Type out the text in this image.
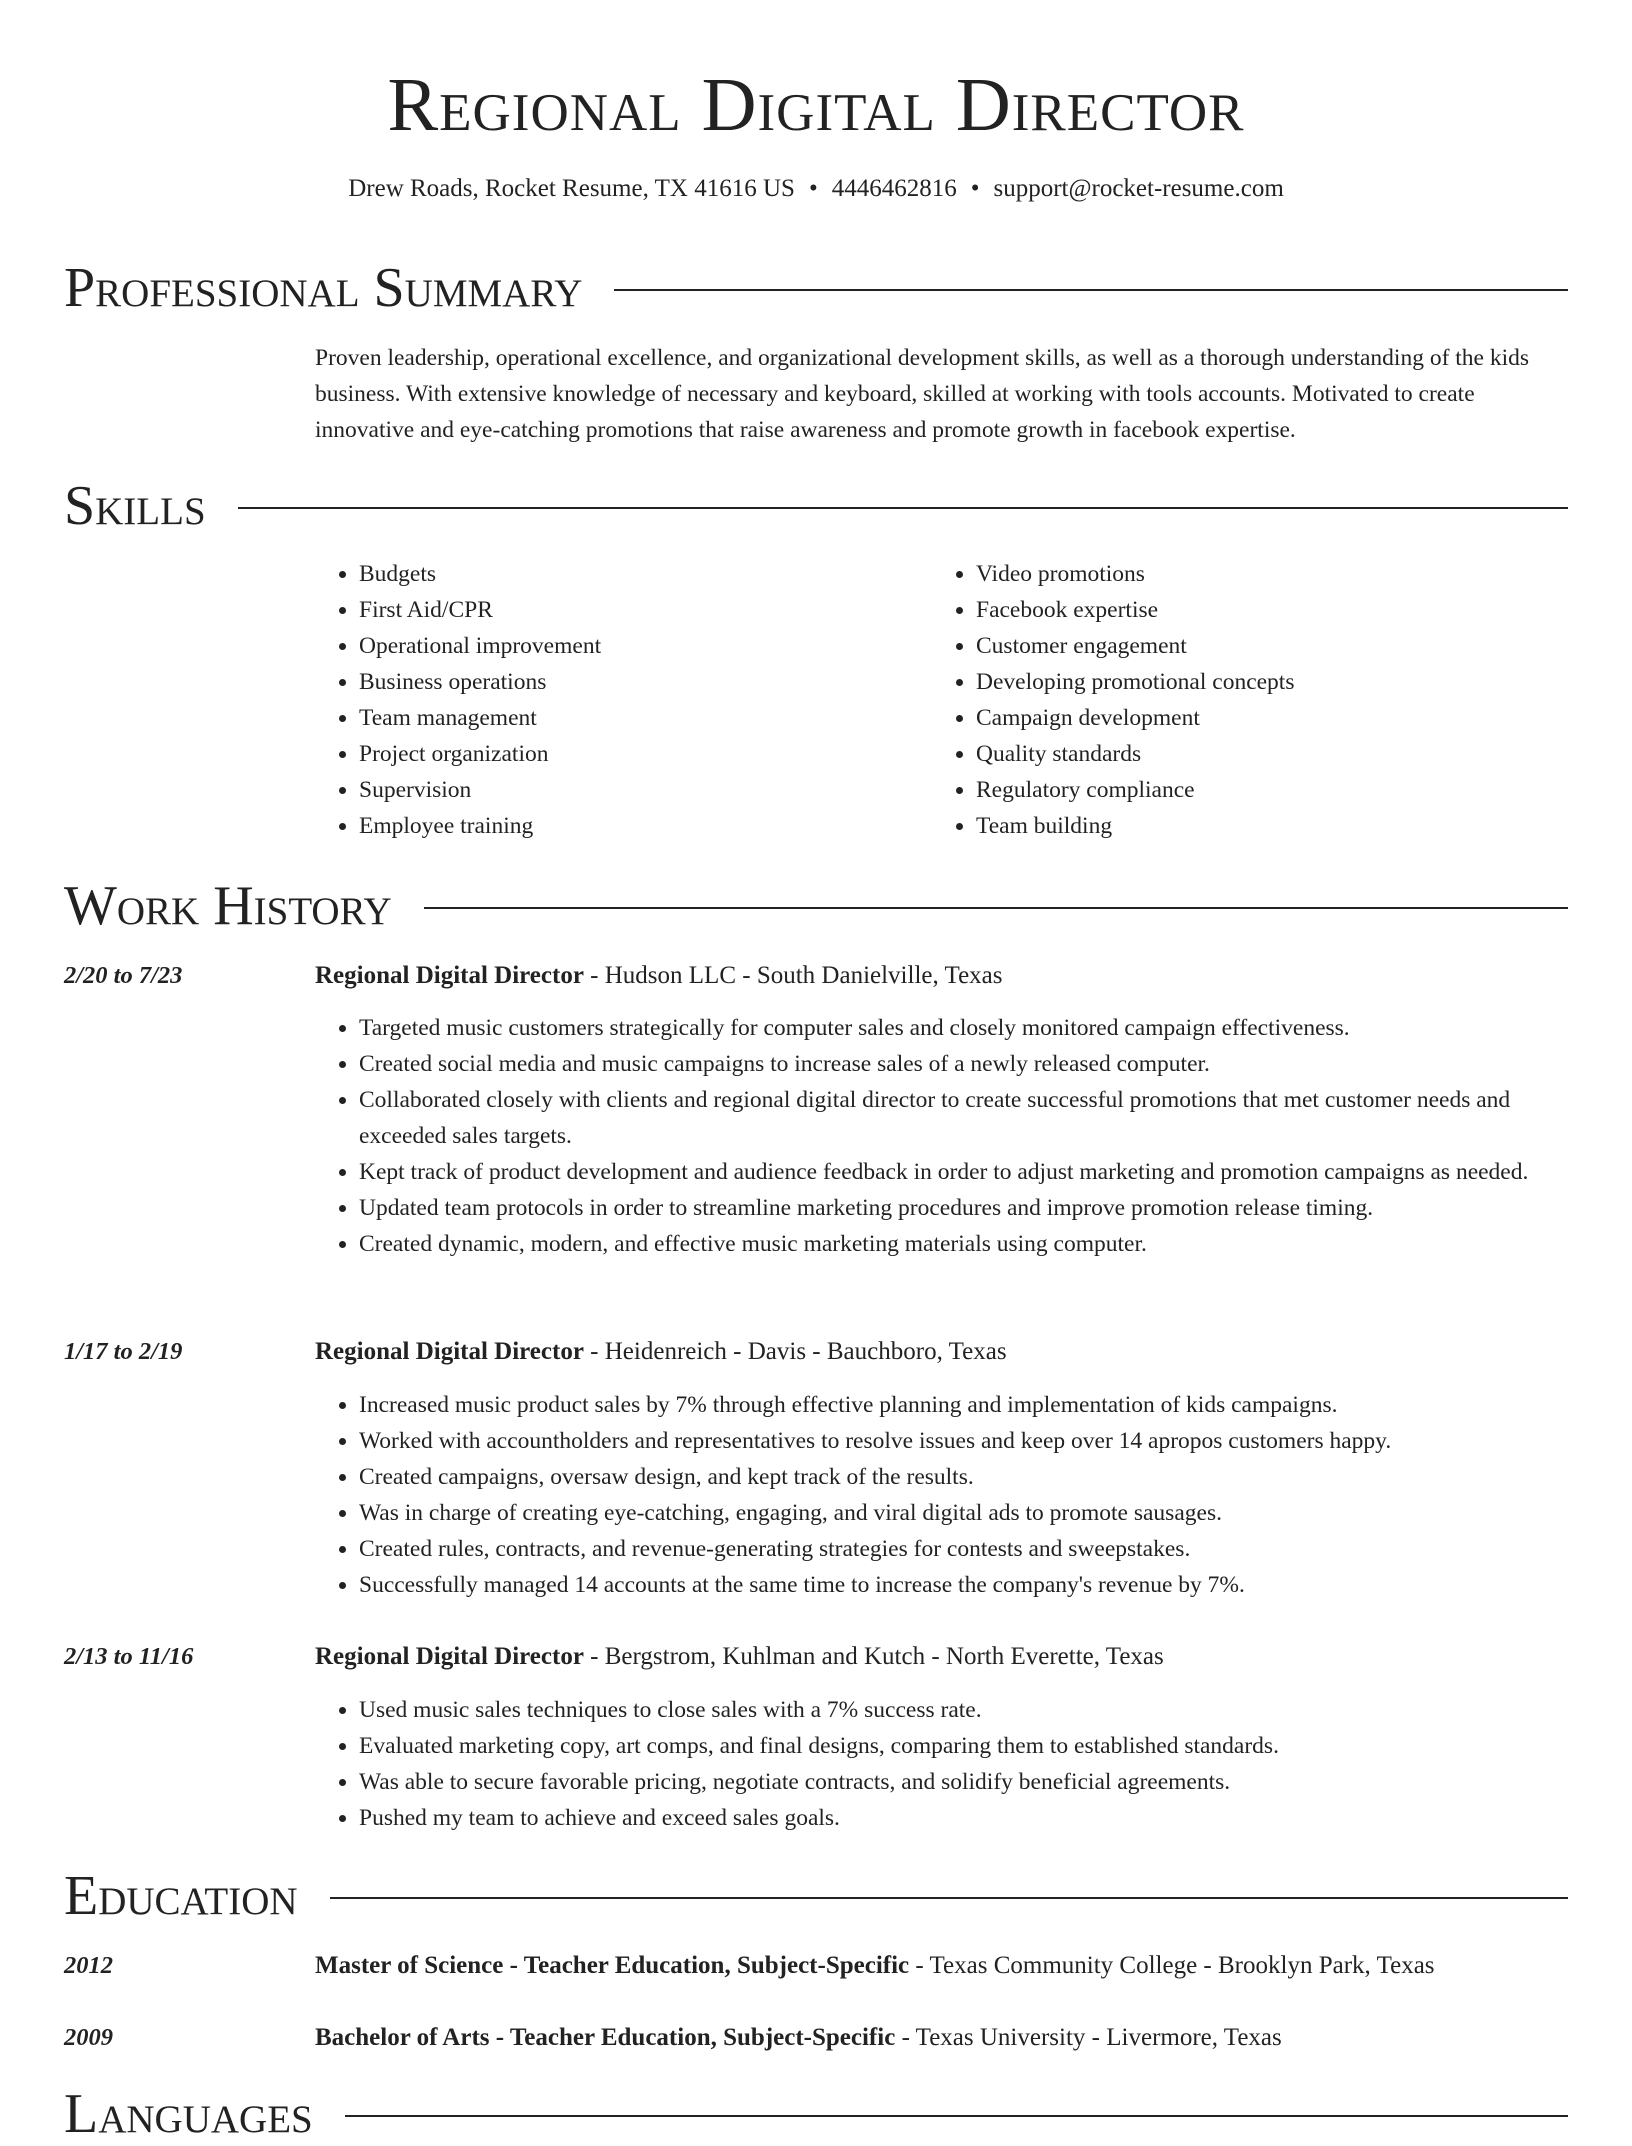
Regional Digital Director
Drew Roads, Rocket Resume, TX 41616 US • 4446462816 • support@rocket-resume.com
Professional Summary
Proven leadership, operational excellence, and organizational development skills, as well as a thorough understanding of the kids business. With extensive knowledge of necessary and keyboard, skilled at working with tools accounts. Motivated to create innovative and eye-catching promotions that raise awareness and promote growth in facebook expertise.
Skills
• Budgets
• First Aid/CPR
• Operational improvement
• Business operations
• Team management
• Project organization
• Supervision
• Employee training
• Video promotions
• Facebook expertise
• Customer engagement
• Developing promotional concepts
• Campaign development
• Quality standards
• Regulatory compliance
• Team building
Work History
2/20 to 7/23	Regional Digital Director - Hudson LLC - South Danielville, Texas
• Targeted music customers strategically for computer sales and closely monitored campaign effectiveness.
• Created social media and music campaigns to increase sales of a newly released computer.
• Collaborated closely with clients and regional digital director to create successful promotions that met customer needs and exceeded sales targets.
• Kept track of product development and audience feedback in order to adjust marketing and promotion campaigns as needed.
• Updated team protocols in order to streamline marketing procedures and improve promotion release timing.
• Created dynamic, modern, and effective music marketing materials using computer.
1/17 to 2/19	Regional Digital Director - Heidenreich - Davis - Bauchboro, Texas
• Increased music product sales by 7% through effective planning and implementation of kids campaigns.
• Worked with accountholders and representatives to resolve issues and keep over 14 apropos customers happy.
• Created campaigns, oversaw design, and kept track of the results.
• Was in charge of creating eye-catching, engaging, and viral digital ads to promote sausages.
• Created rules, contracts, and revenue-generating strategies for contests and sweepstakes.
• Successfully managed 14 accounts at the same time to increase the company's revenue by 7%.
2/13 to 11/16	Regional Digital Director - Bergstrom, Kuhlman and Kutch - North Everette, Texas
• Used music sales techniques to close sales with a 7% success rate.
• Evaluated marketing copy, art comps, and final designs, comparing them to established standards.
• Was able to secure favorable pricing, negotiate contracts, and solidify beneficial agreements.
• Pushed my team to achieve and exceed sales goals.
Education
2012	Master of Science - Teacher Education, Subject-Specific - Texas Community College - Brooklyn Park, Texas
2009	Bachelor of Arts - Teacher Education, Subject-Specific - Texas University - Livermore, Texas
Languages
